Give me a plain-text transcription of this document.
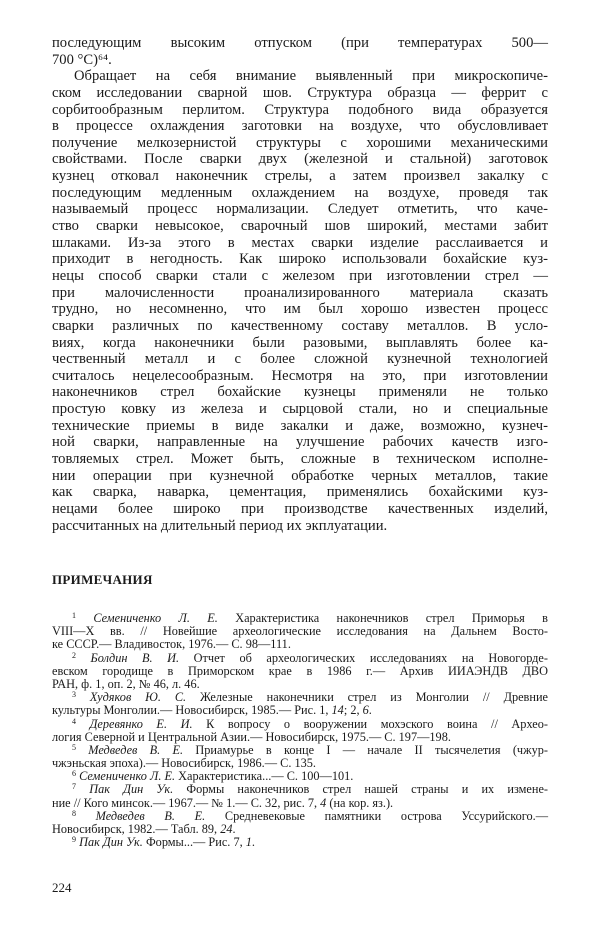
последующим высоким отпуском (при температурах 500—
700 °C)⁶⁴.
Обращает на себя внимание выявленный при микроскопиче-
ском исследовании сварной шов. Структура образца — феррит с
сорбитообразным перлитом. Структура подобного вида образуется
в процессе охлаждения заготовки на воздухе, что обусловливает
получение мелкозернистой структуры с хорошими механическими
свойствами. После сварки двух (железной и стальной) заготовок
кузнец отковал наконечник стрелы, а затем произвел закалку с
последующим медленным охлаждением на воздухе, проведя так
называемый процесс нормализации. Следует отметить, что каче-
ство сварки невысокое, сварочный шов широкий, местами забит
шлаками. Из-за этого в местах сварки изделие расслаивается и
приходит в негодность. Как широко использовали бохайские куз-
нецы способ сварки стали с железом при изготовлении стрел —
при малочисленности проанализированного материала сказать
трудно, но несомненно, что им был хорошо известен процесс
сварки различных по качественному составу металлов. В усло-
виях, когда наконечники были разовыми, выплавлять более ка-
чественный металл и с более сложной кузнечной технологией
считалось нецелесообразным. Несмотря на это, при изготовлении
наконечников стрел бохайские кузнецы применяли не только
простую ковку из железа и сырцовой стали, но и специальные
технические приемы в виде закалки и даже, возможно, кузнеч-
ной сварки, направленные на улучшение рабочих качеств изго-
товляемых стрел. Может быть, сложные в техническом исполне-
нии операции при кузнечной обработке черных металлов, такие
как сварка, наварка, цементация, применялись бохайскими куз-
нецами более широко при производстве качественных изделий,
рассчитанных на длительный период их экплуатации.
ПРИМЕЧАНИЯ
$^1$ Семениченко Л. Е. Характеристика наконечников стрел Приморья в
VIII—X вв. // Новейшие археологические исследования на Дальнем Восто-
ке СССР.— Владивосток, 1976.— С. 98—111.
$^2$ Болдин В. И. Отчет об археологических исследованиях на Новогорде-
евском городище в Приморском крае в 1986 г.— Архив ИИАЭНДВ ДВО
РАН, ф. 1, оп. 2, № 46, л. 46.
$^3$ Худяков Ю. С. Железные наконечники стрел из Монголии // Древние
культуры Монголии.— Новосибирск, 1985.— Рис. 1, 14; 2, 6.
$^4$ Деревянко Е. И. К вопросу о вооружении мохэского воина // Архео-
логия Северной и Центральной Азии.— Новосибирск, 1975.— С. 197—198.
$^5$ Медведев В. Е. Приамурье в конце I — начале II тысячелетия (чжур-
чжэньская эпоха).— Новосибирск, 1986.— С. 135.
$^6$ Семениченко Л. Е. Характеристика...— С. 100—101.
$^7$ Пак Дин Ук. Формы наконечников стрел нашей страны и их измене-
ние // Кого минсок.— 1967.— № 1.— С. 32, рис. 7, 4 (на кор. яз.).
$^8$ Медведев В. Е. Средневековые памятники острова Уссурийского.—
Новосибирск, 1982.— Табл. 89, 24.
$^9$ Пак Дин Ук. Формы...— Рис. 7, 1.
224
